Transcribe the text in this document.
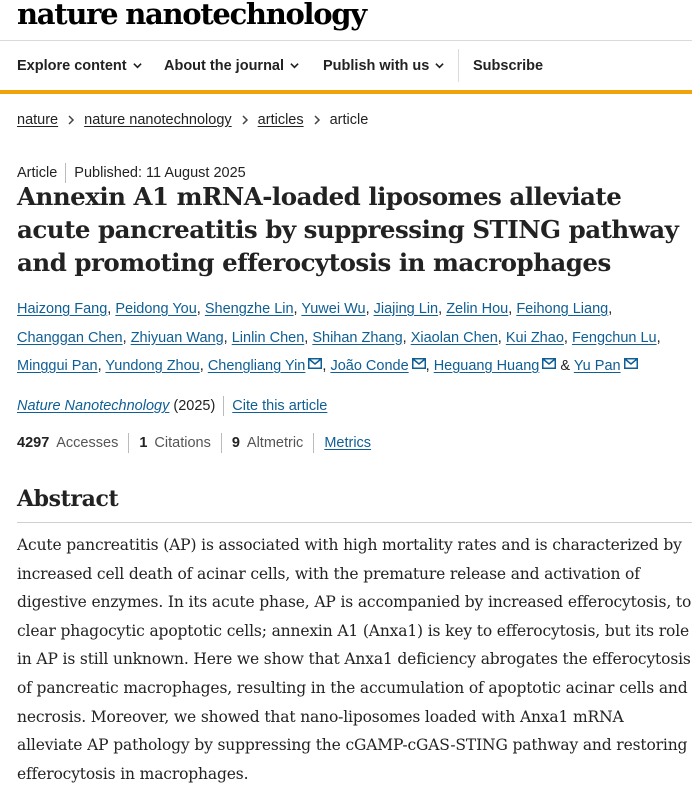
nature nanotechnology
Explore content	About the journal	Publish with us	Subscribe
nature nature nanotechnology articles article
Article Published: 11 August 2025
Annexin A1 mRNA-loaded liposomes alleviate acute pancreatitis by suppressing STING pathway and promoting efferocytosis in macrophages
Haizong Fang, Peidong You, Shengzhe Lin, Yuwei Wu, Jiajing Lin, Zelin Hou, Feihong Liang, Changgan Chen, Zhiyuan Wang, Linlin Chen, Shihan Zhang, Xiaolan Chen, Kui Zhao, Fengchun Lu, Minggui Pan, Yundong Zhou, Chengliang Yin , João Conde , Heguang Huang & Yu Pan
Nature Nanotechnology (2025) Cite this article
4297 Accesses 1 Citations 9 Altmetric Metrics
Abstract

Acute pancreatitis (AP) is associated with high mortality rates and is characterized by increased cell death of acinar cells, with the premature release and activation of digestive enzymes. In its acute phase, AP is accompanied by increased efferocytosis, to clear phagocytic apoptotic cells; annexin A1 (Anxa1) is key to efferocytosis, but its role in AP is still unknown. Here we show that Anxa1 deficiency abrogates the efferocytosis of pancreatic macrophages, resulting in the accumulation of apoptotic acinar cells and necrosis. Moreover, we showed that nano-liposomes loaded with Anxa1 mRNA alleviate AP pathology by suppressing the cGAMP-cGAS-STING pathway and restoring efferocytosis in macrophages.
